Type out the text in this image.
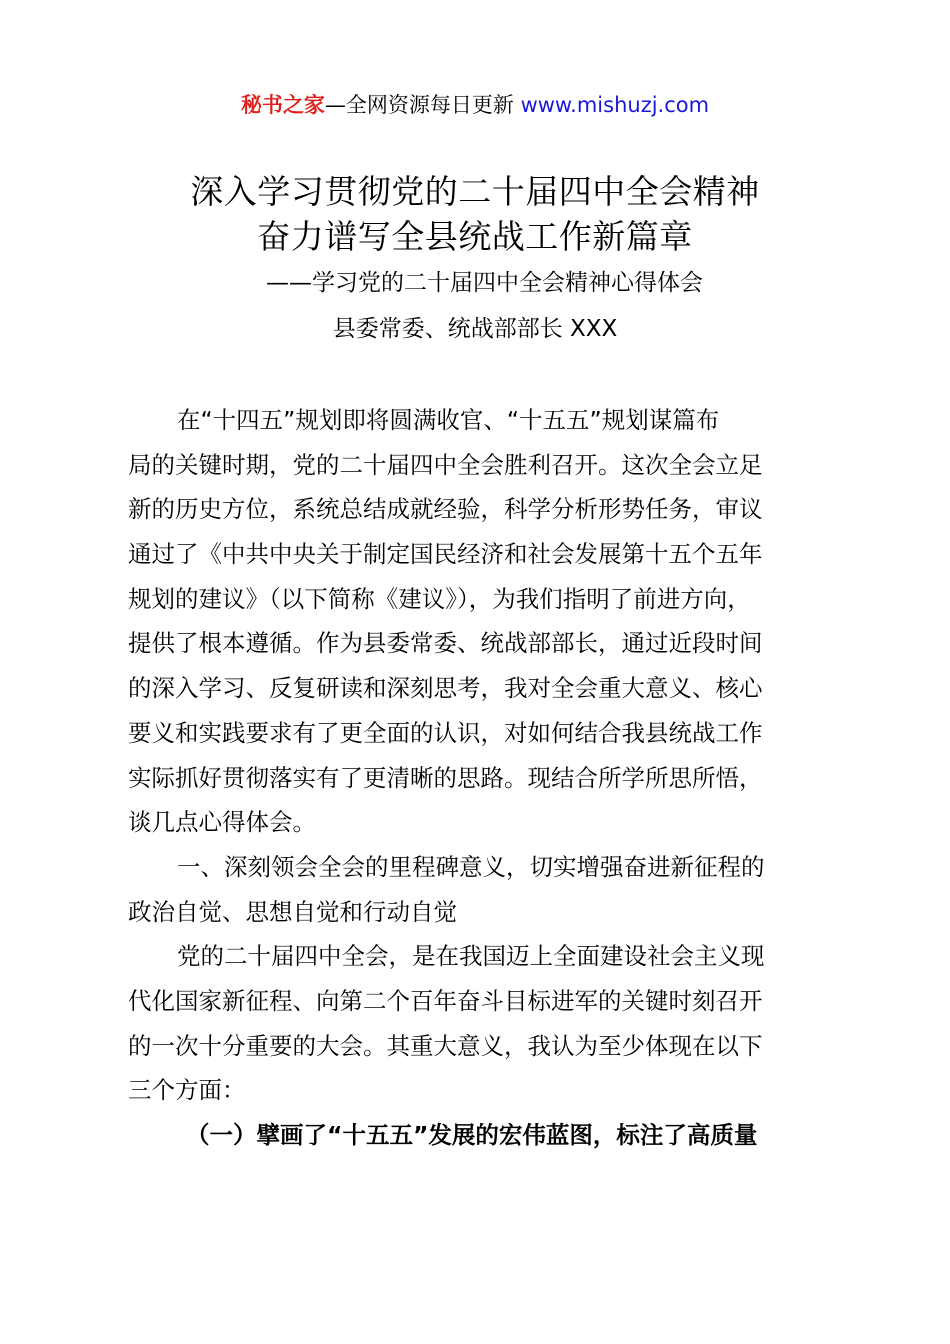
秘书之家—全网资源每日更新 www.mishuzj.com
深入学习贯彻党的二十届四中全会精神
奋力谱写全县统战工作新篇章
——学习党的二十届四中全会精神心得体会
县委常委、统战部部长 XXX
在“十四五”规划即将圆满收官、“十五五”规划谋篇布
局的关键时期，党的二十届四中全会胜利召开。这次全会立足
新的历史方位，系统总结成就经验，科学分析形势任务，审议
通过了《中共中央关于制定国民经济和社会发展第十五个五年
规划的建议》（以下简称《建议》），为我们指明了前进方向，
提供了根本遵循。作为县委常委、统战部部长，通过近段时间
的深入学习、反复研读和深刻思考，我对全会重大意义、核心
要义和实践要求有了更全面的认识，对如何结合我县统战工作
实际抓好贯彻落实有了更清晰的思路。现结合所学所思所悟，
谈几点心得体会。
一、深刻领会全会的里程碑意义，切实增强奋进新征程的
政治自觉、思想自觉和行动自觉
党的二十届四中全会，是在我国迈上全面建设社会主义现
代化国家新征程、向第二个百年奋斗目标进军的关键时刻召开
的一次十分重要的大会。其重大意义，我认为至少体现在以下
三个方面：
（一）擘画了“十五五”发展的宏伟蓝图，标注了高质量
